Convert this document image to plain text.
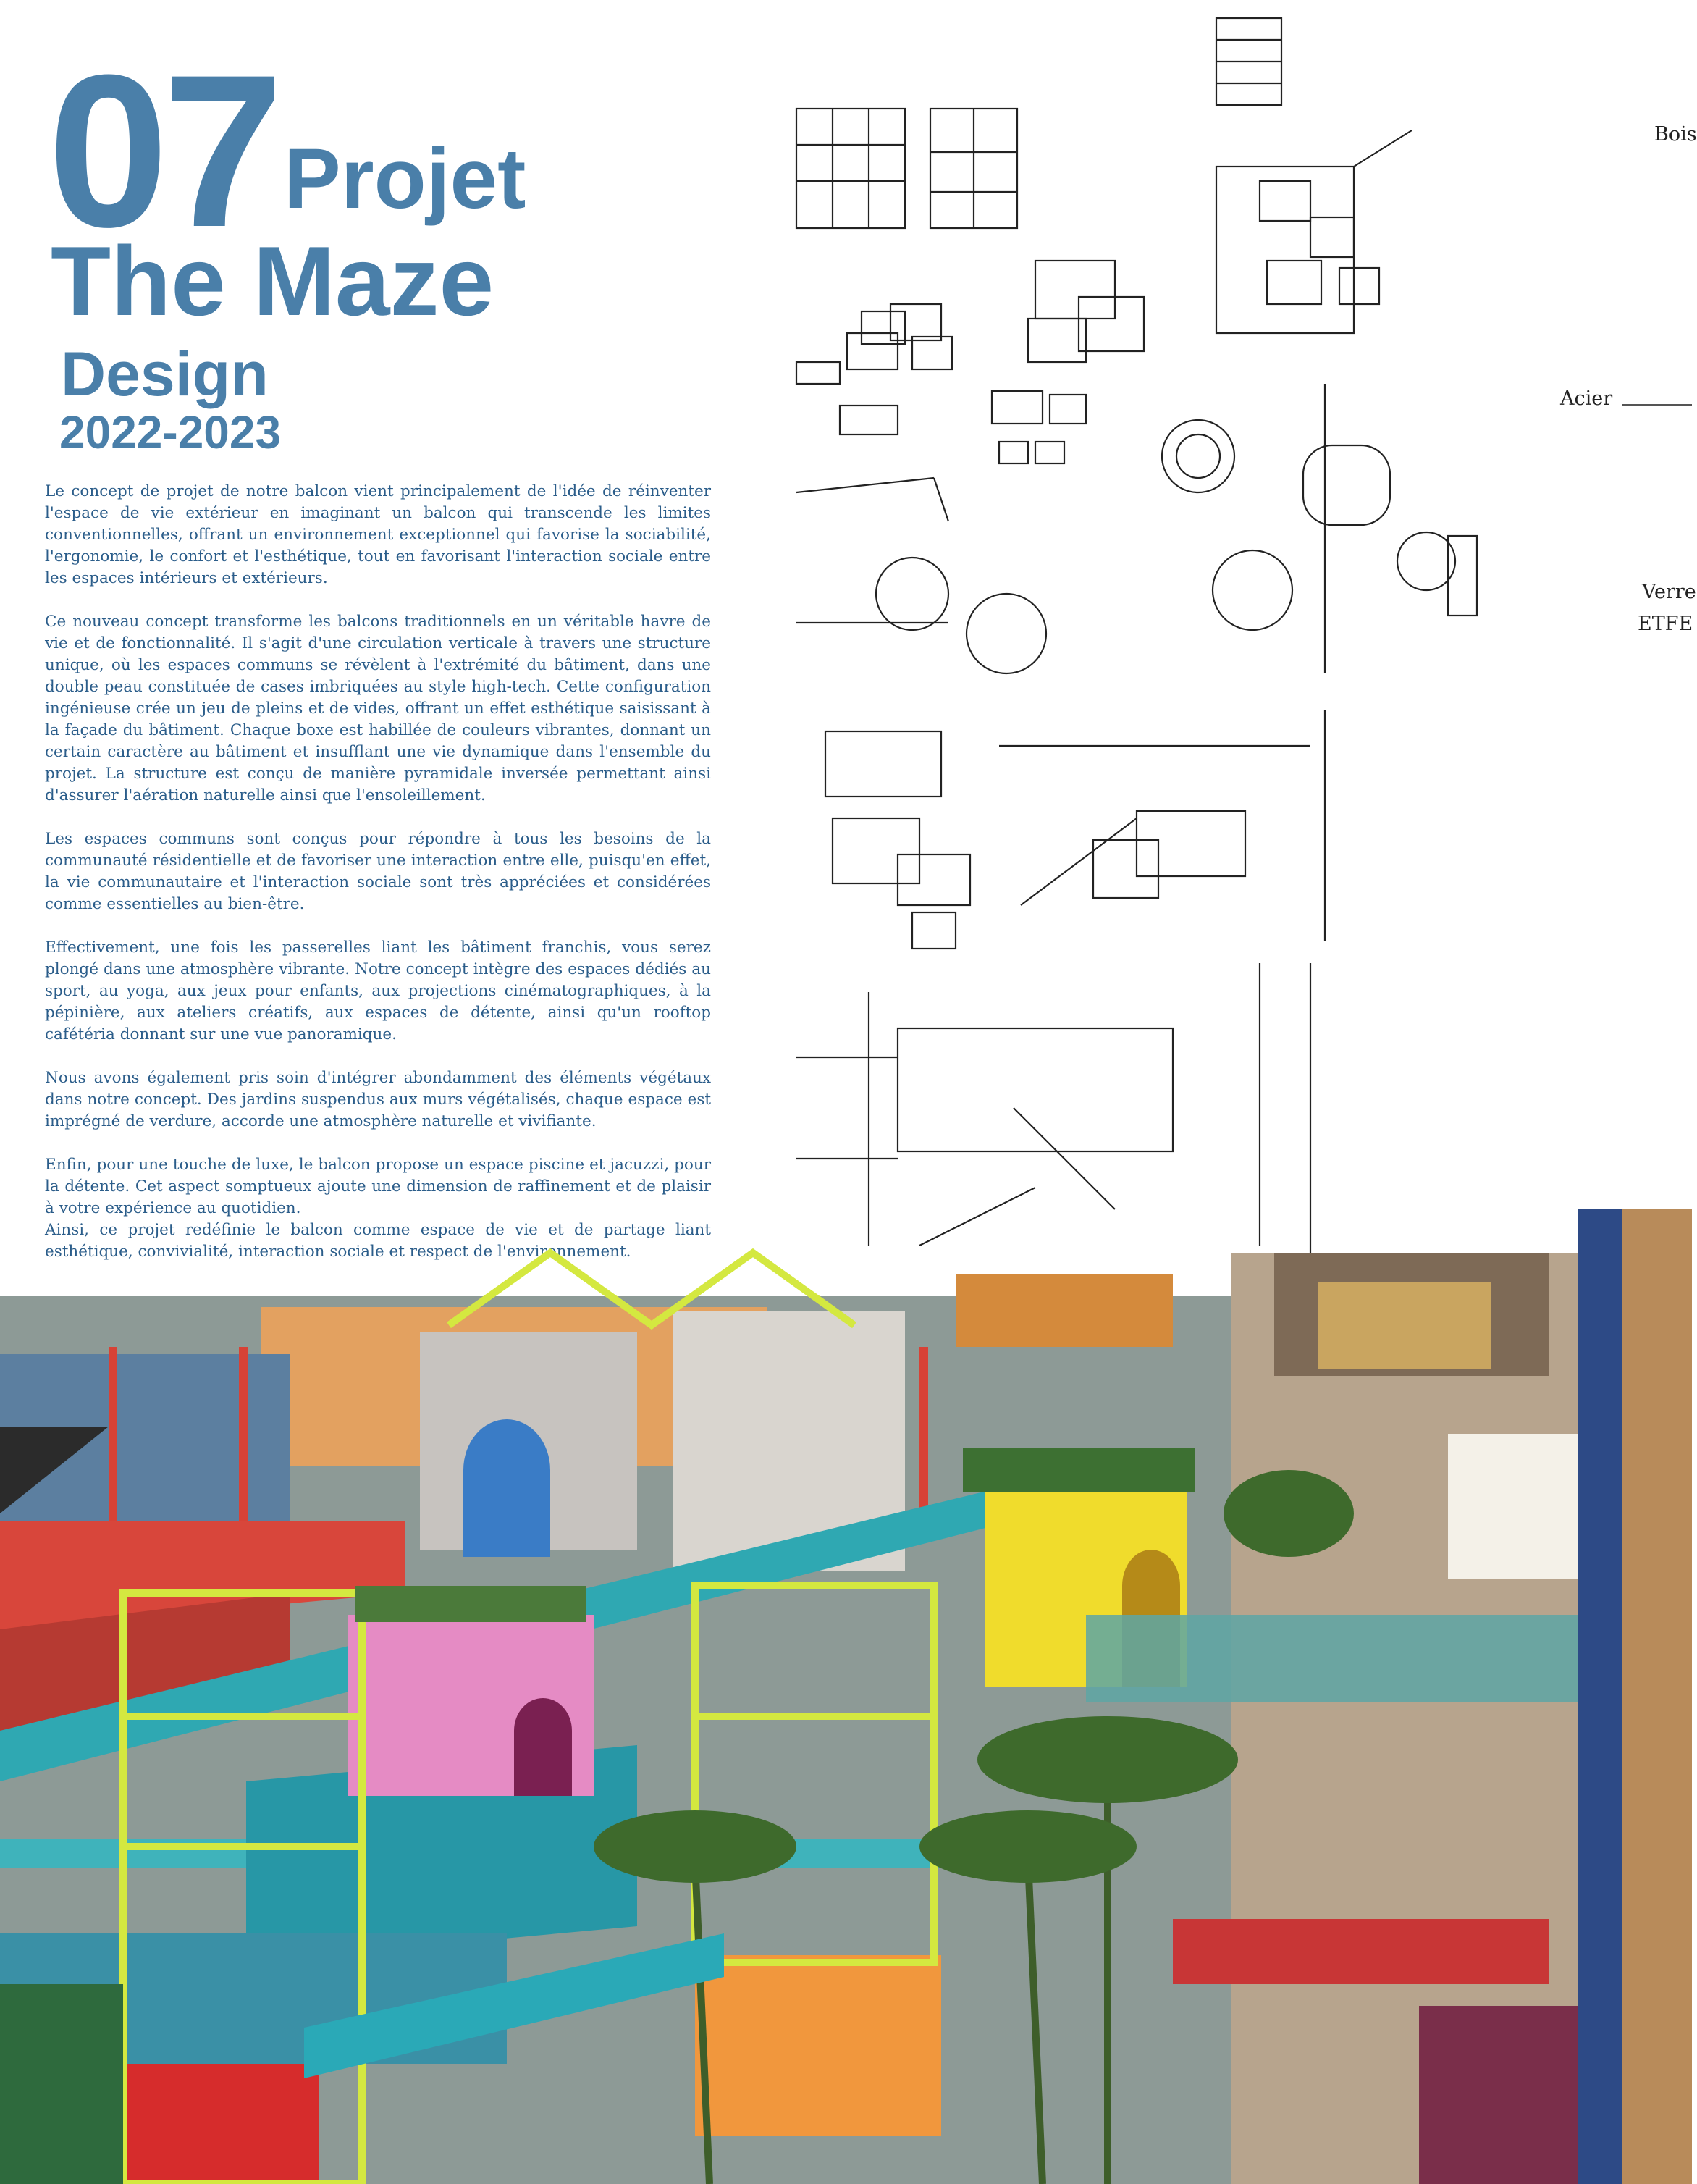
07 Projet
The Maze
Design
2022-2023

Le concept de projet de notre balcon vient principalement de l'idée de réinventer l'espace de vie extérieur en imaginant un balcon qui transcende les limites conventionnelles, offrant un environnement exceptionnel qui favorise la sociabilité, l'ergonomie, le confort et l'esthétique, tout en favorisant l'interaction sociale entre les espaces intérieurs et extérieurs.

Ce nouveau concept transforme les balcons traditionnels en un véritable havre de vie et de fonctionnalité. Il s'agit d'une circulation verticale à travers une structure unique, où les espaces communs se révèlent à l'extrémité du bâtiment, dans une double peau constituée de cases imbriquées au style high-tech. Cette configuration ingénieuse crée un jeu de pleins et de vides, offrant un effet esthétique saisissant à la façade du bâtiment. Chaque boxe est habillée de couleurs vibrantes, donnant un certain caractère au bâtiment et insufflant une vie dynamique dans l'ensemble du projet. La structure est conçu de manière pyramidale inversée permettant ainsi d'assurer l'aération naturelle ainsi que l'ensoleillement.

Les espaces communs sont conçus pour répondre à tous les besoins de la communauté résidentielle et de favoriser une interaction entre elle, puisqu'en effet, la vie communautaire et l'interaction sociale sont très appréciées et considérées comme essentielles au bien-être.

Effectivement, une fois les passerelles liant les bâtiment franchis, vous serez plongé dans une atmosphère vibrante. Notre concept intègre des espaces dédiés au sport, au yoga, aux jeux pour enfants, aux projections cinématographiques, à la pépinière, aux ateliers créatifs, aux espaces de détente, ainsi qu'un rooftop cafétéria donnant sur une vue panoramique.

Nous avons également pris soin d'intégrer abondamment des éléments végétaux dans notre concept. Des jardins suspendus aux murs végétalisés, chaque espace est imprégné de verdure, accorde une atmosphère naturelle et vivifiante.

Enfin, pour une touche de luxe, le balcon propose un espace piscine et jacuzzi, pour la détente. Cet aspect somptueux ajoute une dimension de raffinement et de plaisir à votre expérience au quotidien.

Ainsi, ce projet redéfinie le balcon comme espace de vie et de partage liant esthétique, convivialité, interaction sociale et respect de l'environnement.

Bois
Acier
Verre
ETFE
